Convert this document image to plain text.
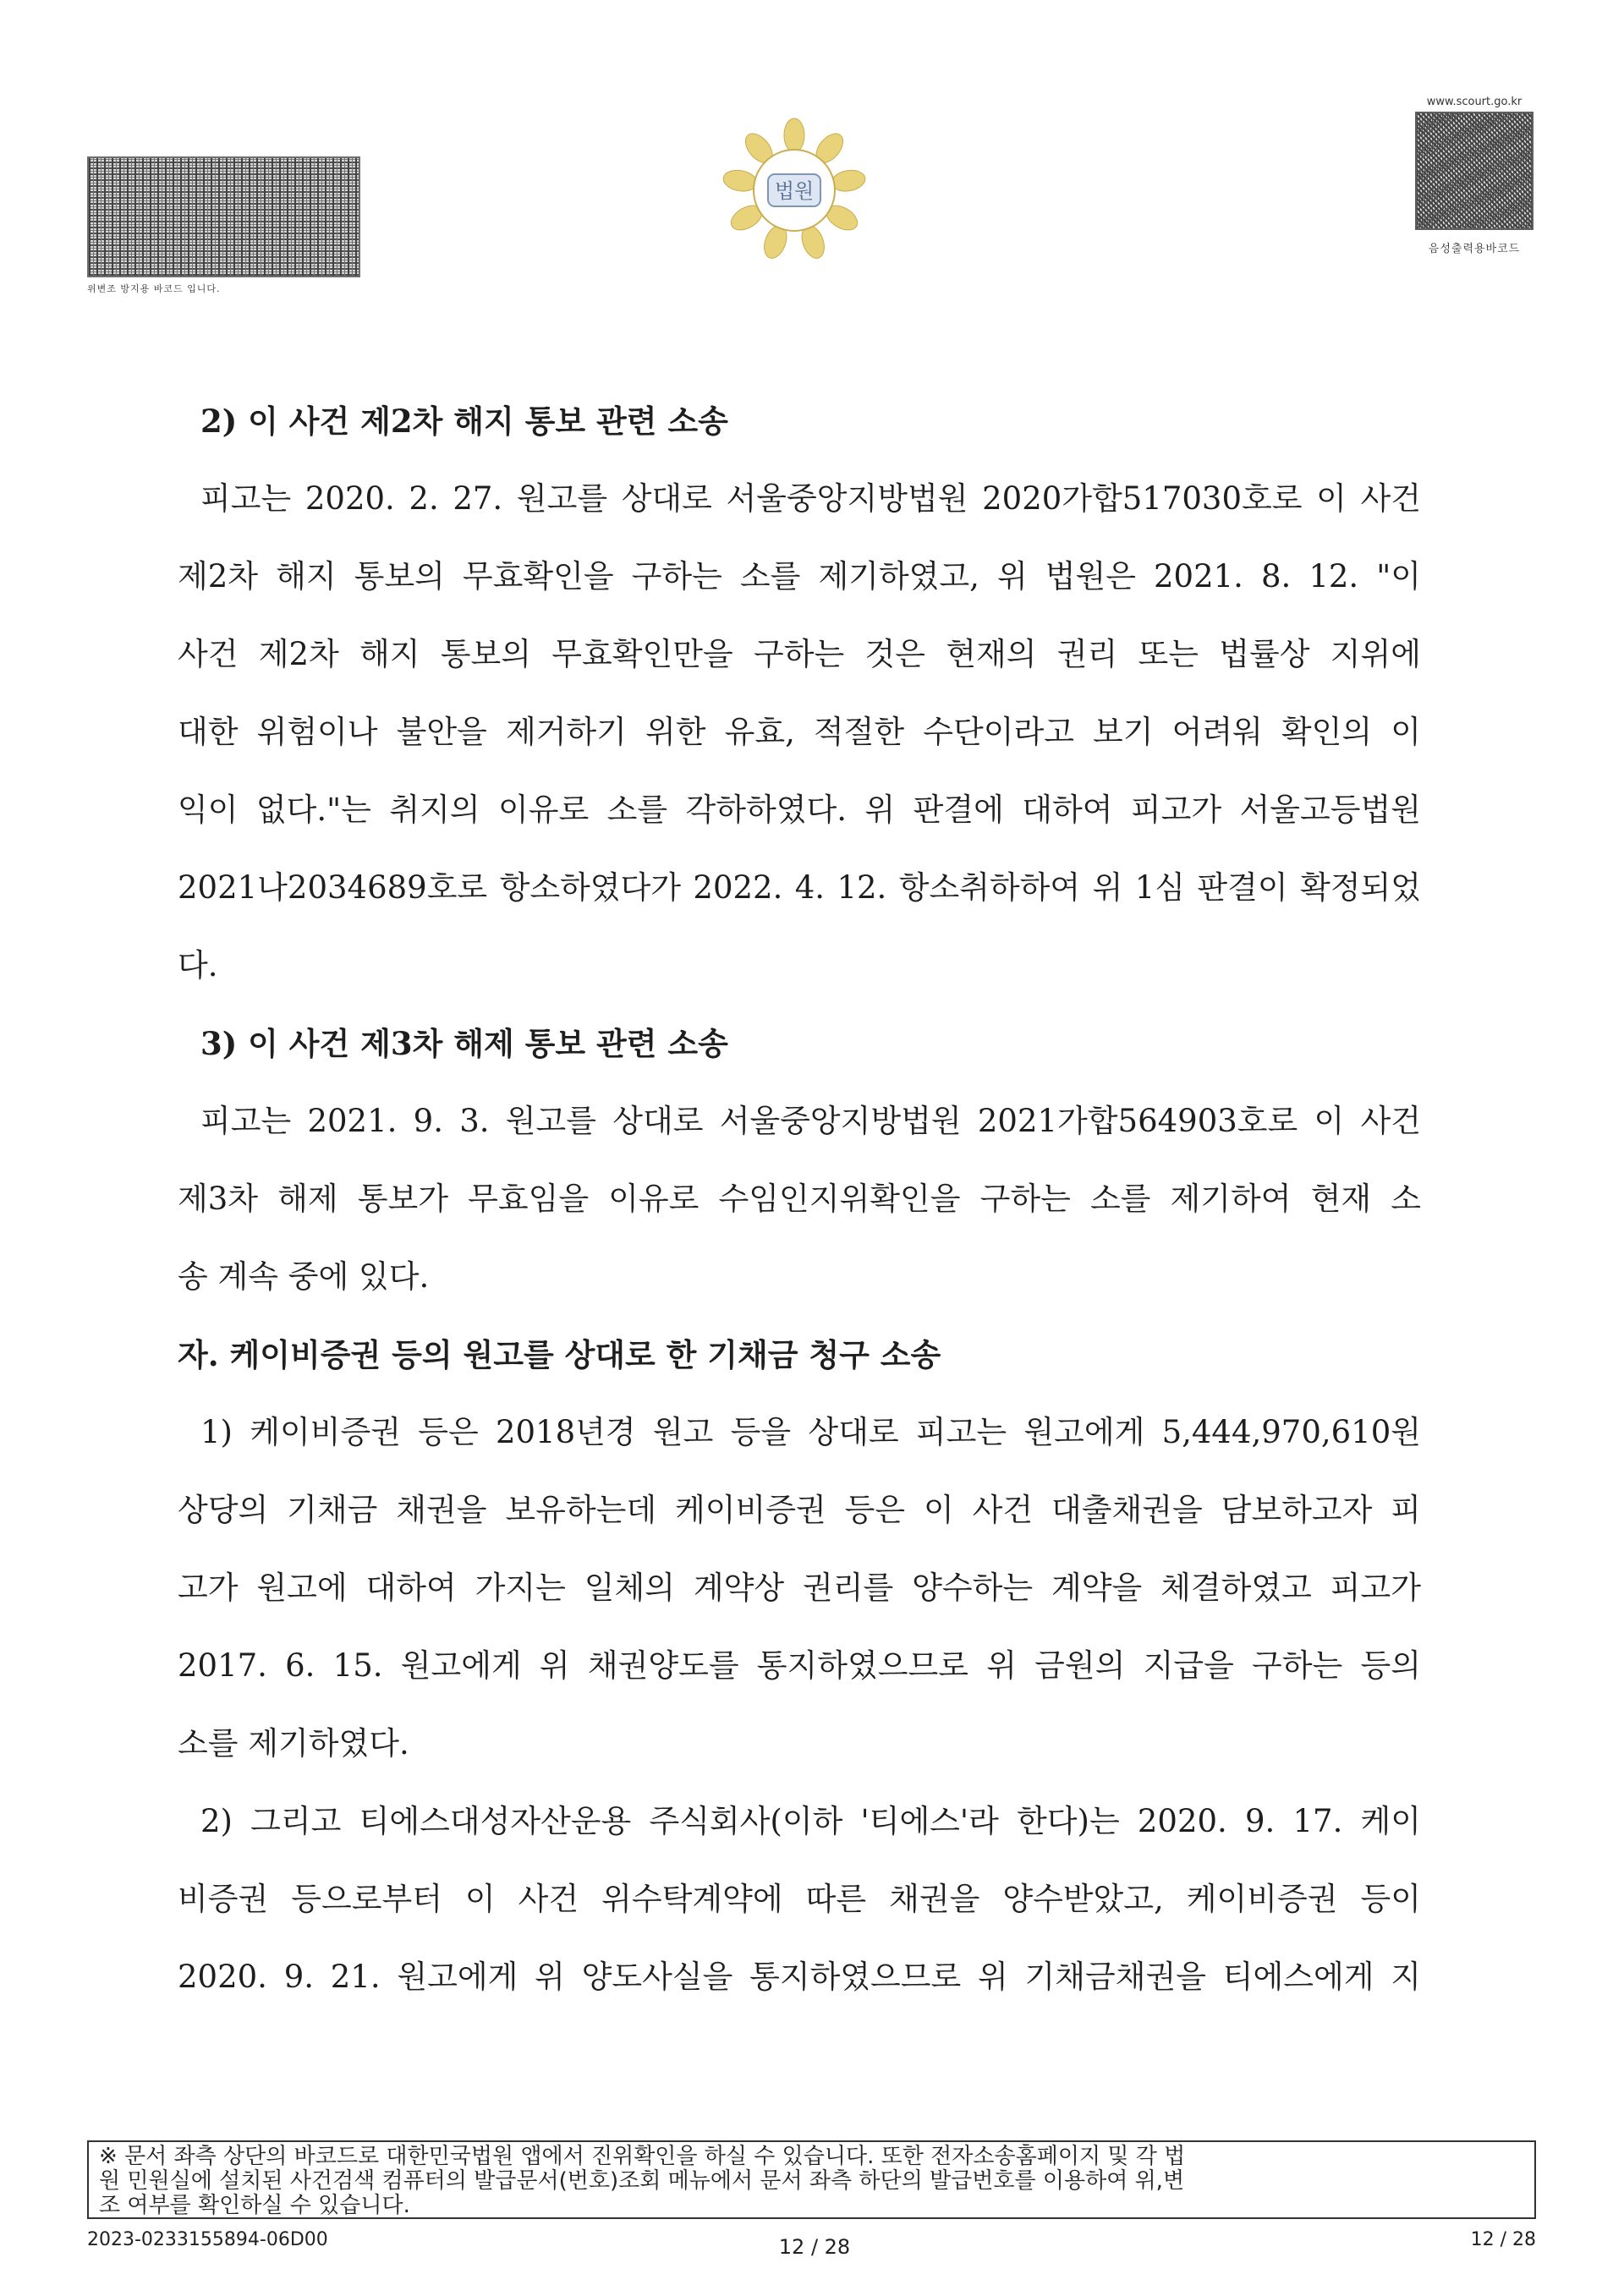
위변조 방지용 바코드 입니다.
법원
www.scourt.go.kr
음성출력용바코드
2) 이 사건 제2차 해지 통보 관련 소송
피고는 2020. 2. 27. 원고를 상대로 서울중앙지방법원 2020가합517030호로 이 사건
제2차 해지 통보의 무효확인을 구하는 소를 제기하였고, 위 법원은 2021. 8. 12. "이
사건 제2차 해지 통보의 무효확인만을 구하는 것은 현재의 권리 또는 법률상 지위에
대한 위험이나 불안을 제거하기 위한 유효, 적절한 수단이라고 보기 어려워 확인의 이
익이 없다."는 취지의 이유로 소를 각하하였다. 위 판결에 대하여 피고가 서울고등법원
2021나2034689호로 항소하였다가 2022. 4. 12. 항소취하하여 위 1심 판결이 확정되었
다.
3) 이 사건 제3차 해제 통보 관련 소송
피고는 2021. 9. 3. 원고를 상대로 서울중앙지방법원 2021가합564903호로 이 사건
제3차 해제 통보가 무효임을 이유로 수임인지위확인을 구하는 소를 제기하여 현재 소
송 계속 중에 있다.
자. 케이비증권 등의 원고를 상대로 한 기채금 청구 소송
1) 케이비증권 등은 2018년경 원고 등을 상대로 피고는 원고에게 5,444,970,610원
상당의 기채금 채권을 보유하는데 케이비증권 등은 이 사건 대출채권을 담보하고자 피
고가 원고에 대하여 가지는 일체의 계약상 권리를 양수하는 계약을 체결하였고 피고가
2017. 6. 15. 원고에게 위 채권양도를 통지하였으므로 위 금원의 지급을 구하는 등의
소를 제기하였다.
2) 그리고 티에스대성자산운용 주식회사(이하 '티에스'라 한다)는 2020. 9. 17. 케이
비증권 등으로부터 이 사건 위수탁계약에 따른 채권을 양수받았고, 케이비증권 등이
2020. 9. 21. 원고에게 위 양도사실을 통지하였으므로 위 기채금채권을 티에스에게 지
※ 문서 좌측 상단의 바코드로 대한민국법원 앱에서 진위확인을 하실 수 있습니다. 또한 전자소송홈페이지 및 각 법
원 민원실에 설치된 사건검색 컴퓨터의 발급문서(번호)조회 메뉴에서 문서 좌측 하단의 발급번호를 이용하여 위,변
조 여부를 확인하실 수 있습니다.
2023-0233155894-06D00	12 / 28	12 / 28
